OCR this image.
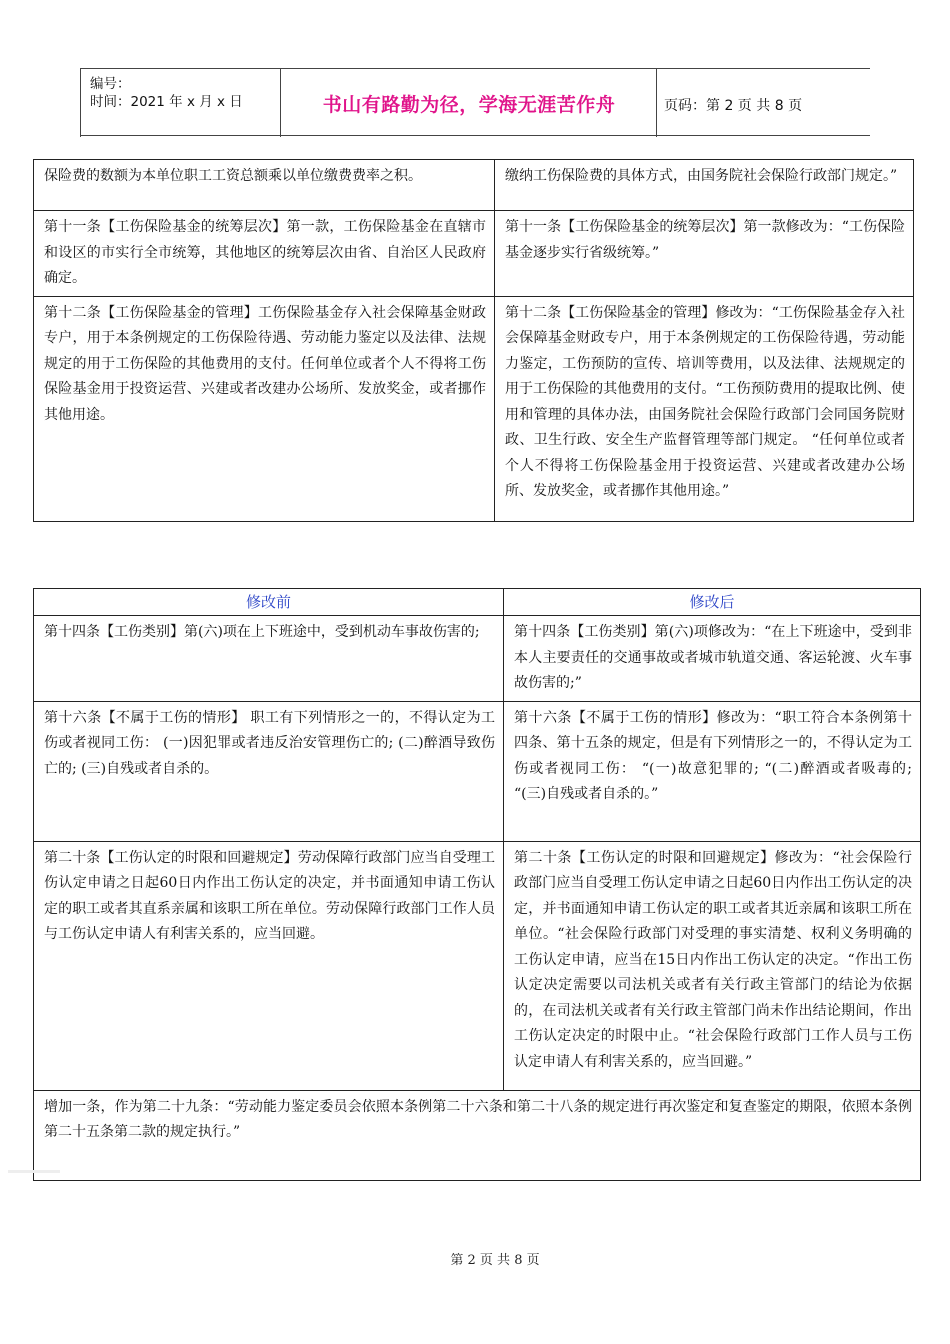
编号：
时间：2021 年 x 月 x 日	书山有路勤为径，学海无涯苦作舟	页码：第 2 页 共 8 页
保险费的数额为本单位职工工资总额乘以单位缴费费率之积。	缴纳工伤保险费的具体方式，由国务院社会保险行政部门规定。”
第十一条【工伤保险基金的统筹层次】第一款，工伤保险基金在直辖市和设区的市实行全市统筹，其他地区的统筹层次由省、自治区人民政府确定。	第十一条【工伤保险基金的统筹层次】第一款修改为：“工伤保险基金逐步实行省级统筹。”
第十二条【工伤保险基金的管理】工伤保险基金存入社会保障基金财政专户，用于本条例规定的工伤保险待遇、劳动能力鉴定以及法律、法规规定的用于工伤保险的其他费用的支付。任何单位或者个人不得将工伤保险基金用于投资运营、兴建或者改建办公场所、发放奖金，或者挪作其他用途。	第十二条【工伤保险基金的管理】修改为：“工伤保险基金存入社会保障基金财政专户，用于本条例规定的工伤保险待遇，劳动能力鉴定，工伤预防的宣传、培训等费用，以及法律、法规规定的用于工伤保险的其他费用的支付。“工伤预防费用的提取比例、使用和管理的具体办法，由国务院社会保险行政部门会同国务院财政、卫生行政、安全生产监督管理等部门规定。 “任何单位或者个人不得将工伤保险基金用于投资运营、兴建或者改建办公场所、发放奖金，或者挪作其他用途。”
修改前	修改后
第十四条【工伤类别】第(六)项在上下班途中，受到机动车事故伤害的;	第十四条【工伤类别】第(六)项修改为：“在上下班途中，受到非本人主要责任的交通事故或者城市轨道交通、客运轮渡、火车事故伤害的;”
第十六条【不属于工伤的情形】 职工有下列情形之一的，不得认定为工伤或者视同工伤： (一)因犯罪或者违反治安管理伤亡的; (二)醉酒导致伤亡的; (三)自残或者自杀的。	第十六条【不属于工伤的情形】修改为：“职工符合本条例第十四条、第十五条的规定，但是有下列情形之一的，不得认定为工伤或者视同工伤： “(一)故意犯罪的; “(二)醉酒或者吸毒的; “(三)自残或者自杀的。”
第二十条【工伤认定的时限和回避规定】劳动保障行政部门应当自受理工伤认定申请之日起60日内作出工伤认定的决定，并书面通知申请工伤认定的职工或者其直系亲属和该职工所在单位。劳动保障行政部门工作人员与工伤认定申请人有利害关系的，应当回避。	第二十条【工伤认定的时限和回避规定】修改为：“社会保险行政部门应当自受理工伤认定申请之日起60日内作出工伤认定的决定，并书面通知申请工伤认定的职工或者其近亲属和该职工所在单位。“社会保险行政部门对受理的事实清楚、权利义务明确的工伤认定申请，应当在15日内作出工伤认定的决定。“作出工伤认定决定需要以司法机关或者有关行政主管部门的结论为依据的，在司法机关或者有关行政主管部门尚未作出结论期间，作出工伤认定决定的时限中止。“社会保险行政部门工作人员与工伤认定申请人有利害关系的，应当回避。”
增加一条，作为第二十九条：“劳动能力鉴定委员会依照本条例第二十六条和第二十八条的规定进行再次鉴定和复查鉴定的期限，依照本条例第二十五条第二款的规定执行。”	
第 2 页 共 8 页
